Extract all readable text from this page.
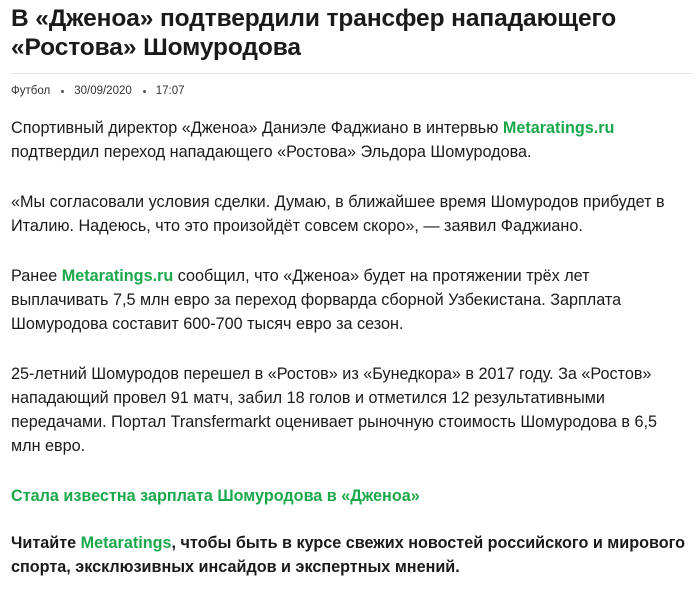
В «Дженоа» подтвердили трансфер нападающего «Ростова» Шомуродова
Футбол 30/09/2020 17:07

Спортивный директор «Дженоа» Даниэле Фаджиано в интервью Metaratings.ru подтвердил переход нападающего «Ростова» Эльдора Шомуродова.

«Мы согласовали условия сделки. Думаю, в ближайшее время Шомуродов прибудет в Италию. Надеюсь, что это произойдёт совсем скоро», — заявил Фаджиано.

Ранее Metaratings.ru сообщил, что «Дженоа» будет на протяжении трёх лет выплачивать 7,5 млн евро за переход форварда сборной Узбекистана. Зарплата Шомуродова составит 600-700 тысяч евро за сезон.

25-летний Шомуродов перешел в «Ростов» из «Бунедкора» в 2017 году. За «Ростов» нападающий провел 91 матч, забил 18 голов и отметился 12 результативными передачами. Портал Transfermarkt оценивает рыночную стоимость Шомуродова в 6,5 млн евро.

Стала известна зарплата Шомуродова в «Дженоа»

Читайте Metaratings, чтобы быть в курсе свежих новостей российского и мирового спорта, эксклюзивных инсайдов и экспертных мнений.
